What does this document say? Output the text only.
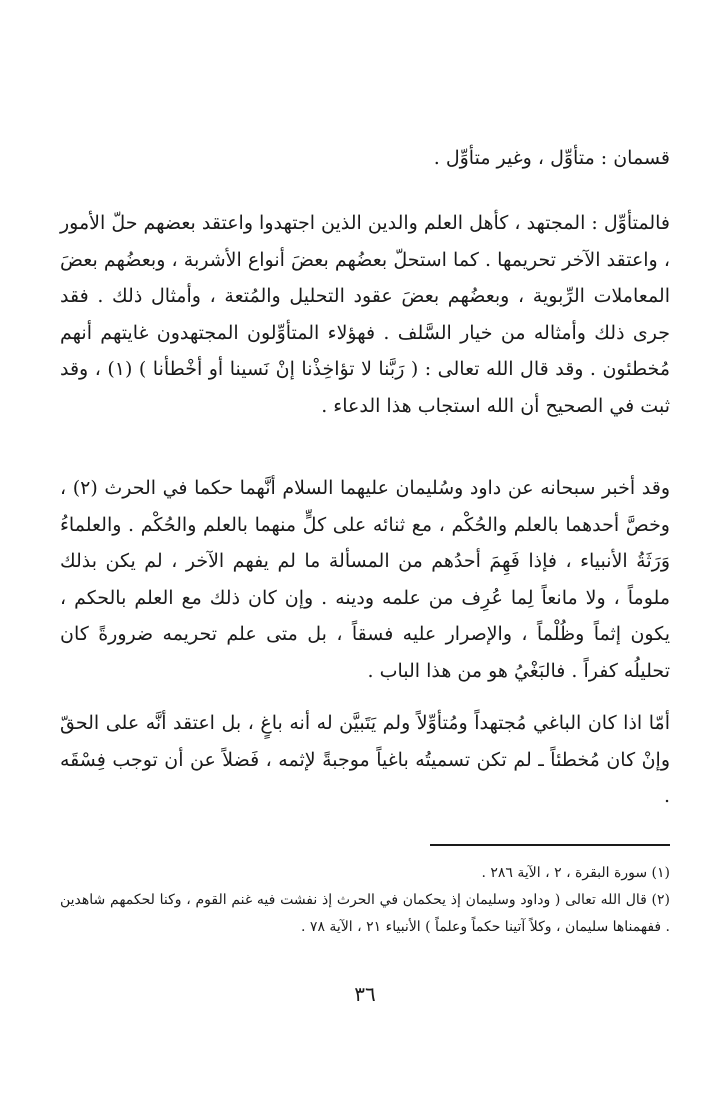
قسمان : متأوِّل ، وغير متأوِّل .

فالمتأوِّل : المجتهد ، كأهل العلم والدين الذين اجتهدوا واعتقد بعضهم حلّ الأمور ، واعتقد الآخر تحريمها . كما استحلّ بعضُهم بعضَ أنواع الأشربة ، وبعضُهم بعضَ المعاملات الرِّبوية ، وبعضُهم بعضَ عقود التحليل والمُتعة ، وأمثال ذلك . فقد جرى ذلك وأمثاله من خيار السَّلف . فهؤلاء المتأوِّلون المجتهدون غايتهم أنهم مُخطئون . وقد قال الله تعالى : ( رَبَّنا لا تؤاخِذْنا إنْ نَسينا أو أخْطأنا ) (١) ، وقد ثبت في الصحيح أن الله استجاب هذا الدعاء .

وقد أخبر سبحانه عن داود وسُليمان عليهما السلام أنَّهما حكما في الحرث (٢) ، وخصَّ أحدهما بالعلم والحُكْم ، مع ثنائه على كلٍّ منهما بالعلم والحُكْم . والعلماءُ وَرَثَةُ الأنبياء ، فإذا فَهِمَ أحدُهم من المسألة ما لم يفهم الآخر ، لم يكن بذلك ملوماً ، ولا مانعاً لِما عُرِف من علمه ودينه . وإن كان ذلك مع العلم بالحكم ، يكون إثماً وظُلْماً ، والإصرار عليه فسقاً ، بل متى علم تحريمه ضرورةً كان تحليلُه كفراً . فالبَغْيُ هو من هذا الباب .

أمّا اذا كان الباغي مُجتهداً ومُتأوِّلاً ولم يَتَبيَّن له أنه باغٍ ، بل اعتقد أنَّه على الحقّ وإنْ كان مُخطئاً ـ لم تكن تسميتُه باغياً موجبةً لإثمه ، فَضلاً عن أن توجب فِسْقَه .

(١) سورة البقرة ، ٢ ، الآية ٢٨٦ .

(٢) قال الله تعالى ( وداود وسليمان إذ يحكمان في الحرث إذ نفشت فيه غنم القوم ، وكنا لحكمهم شاهدين . ففهمناها سليمان ، وكلاً آتينا حكماً وعلماً ) الأنبياء ٢١ ، الآية ٧٨ .

٣٦
